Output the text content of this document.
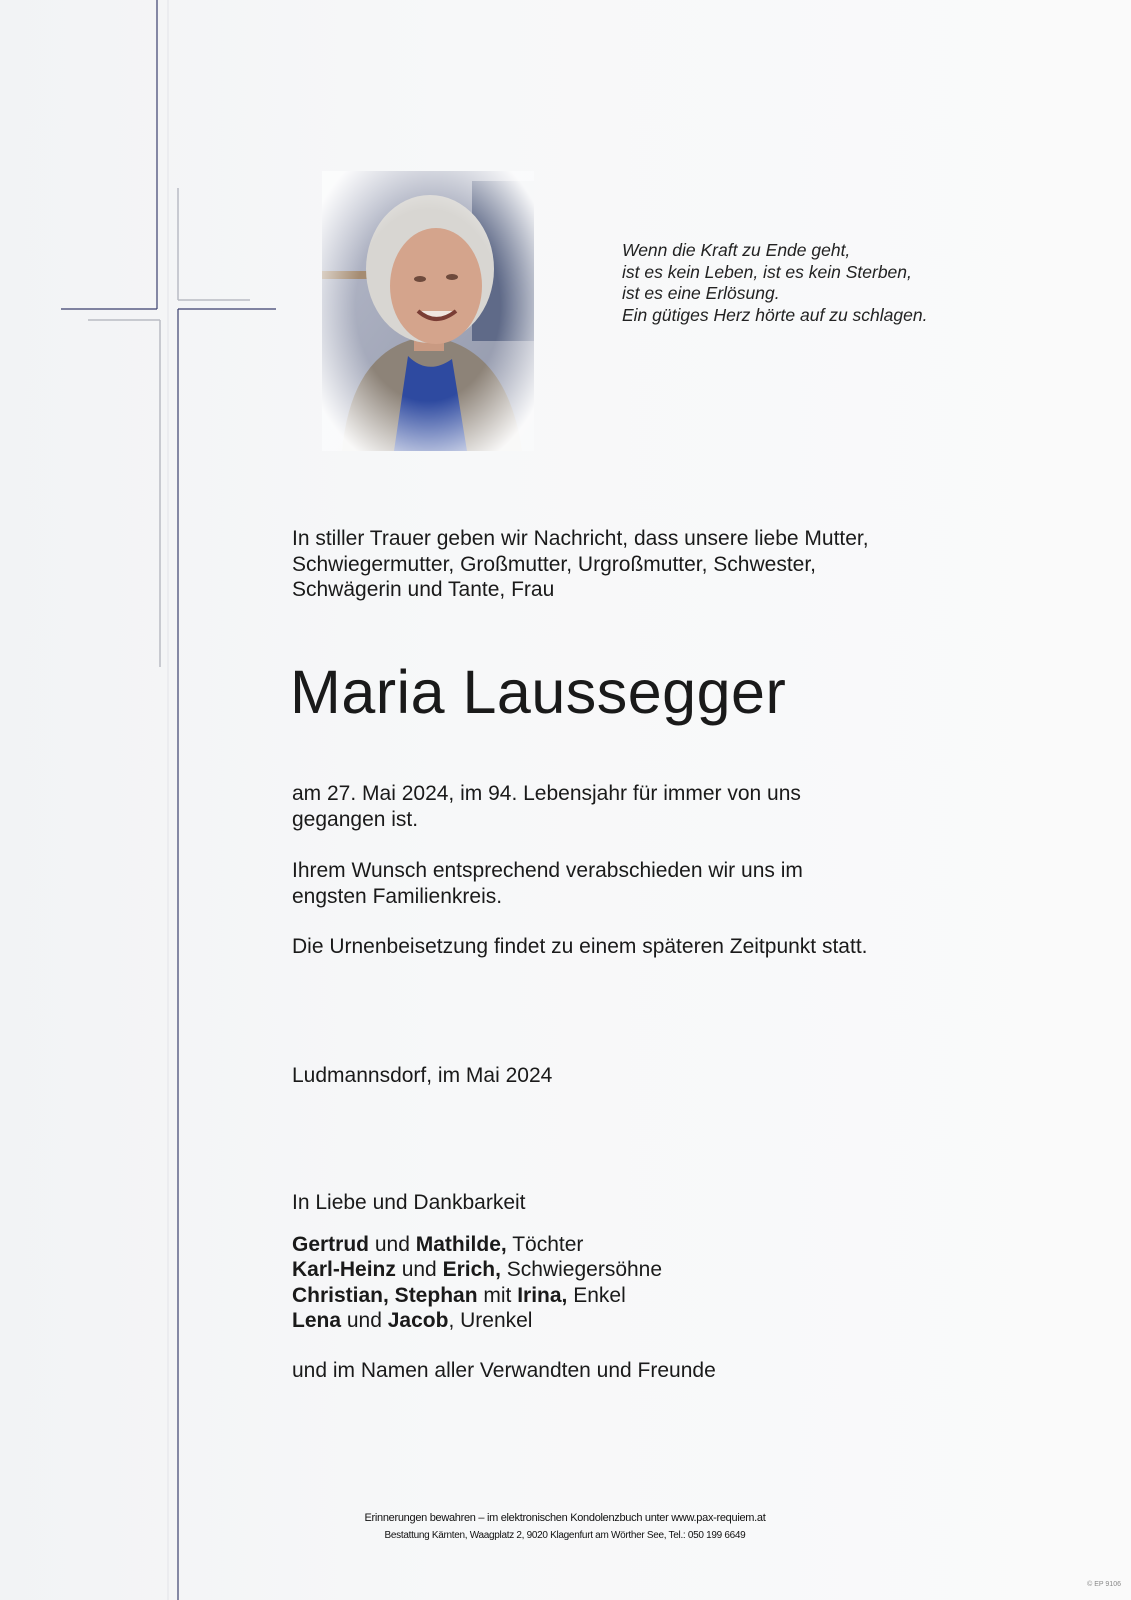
Wenn die Kraft zu Ende geht,
ist es kein Leben, ist es kein Sterben,
ist es eine Erlösung.
Ein gütiges Herz hörte auf zu schlagen.
In stiller Trauer geben wir Nachricht, dass unsere liebe Mutter,
Schwiegermutter, Großmutter, Urgroßmutter, Schwester,
Schwägerin und Tante, Frau
Maria Laussegger
am 27. Mai 2024, im 94. Lebensjahr für immer von uns
gegangen ist.
Ihrem Wunsch entsprechend verabschieden wir uns im
engsten Familienkreis.
Die Urnenbeisetzung findet zu einem späteren Zeitpunkt statt.
Ludmannsdorf, im Mai 2024
In Liebe und Dankbarkeit
Gertrud und Mathilde, Töchter
Karl-Heinz und Erich, Schwiegersöhne
Christian, Stephan mit Irina, Enkel
Lena und Jacob, Urenkel
und im Namen aller Verwandten und Freunde
Erinnerungen bewahren – im elektronischen Kondolenzbuch unter www.pax-requiem.at
Bestattung Kärnten, Waagplatz 2, 9020 Klagenfurt am Wörther See, Tel.: 050 199 6649
© EP 9106
